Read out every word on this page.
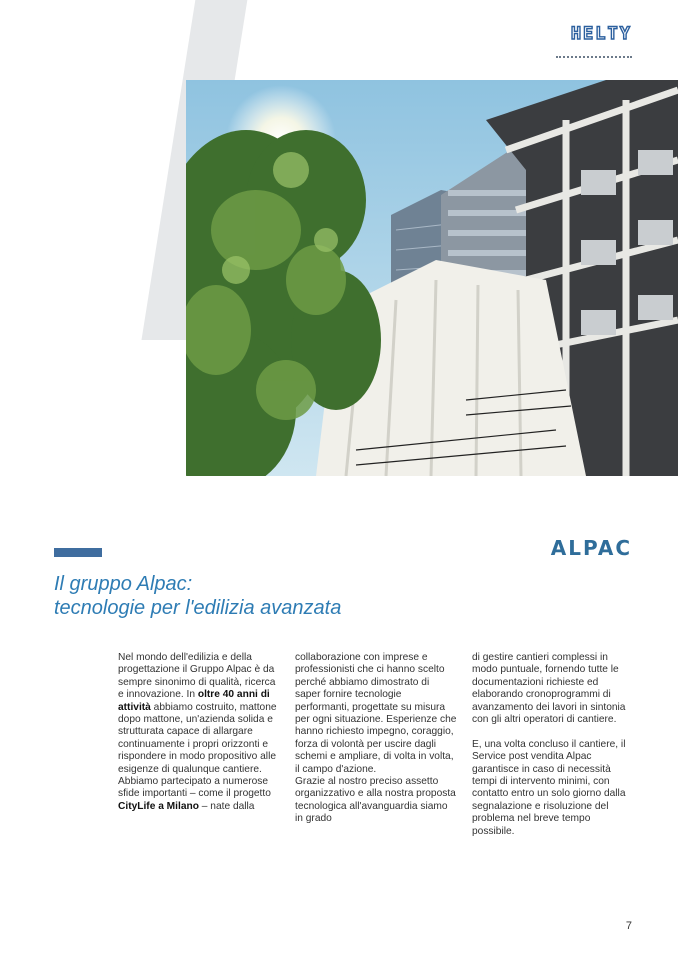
HELTY
ALPAC
Il gruppo Alpac:
tecnologie per l'edilizia avanzata

Nel mondo dell'edilizia e della progettazione il Gruppo Alpac è da sempre sinonimo di qualità, ricerca e innovazione. In oltre 40 anni di attività abbiamo costruito, mattone dopo mattone, un'azienda solida e strutturata capace di allargare continuamente i propri orizzonti e rispondere in modo propositivo alle esigenze di qualunque cantiere. Abbiamo partecipato a numerose sfide importanti – come il progetto CityLife a Milano – nate dalla

collaborazione con imprese e professionisti che ci hanno scelto perché abbiamo dimostrato di saper fornire tecnologie performanti, progettate su misura per ogni situazione. Esperienze che hanno richiesto impegno, coraggio, forza di volontà per uscire dagli schemi e ampliare, di volta in volta, il campo d'azione.

Grazie al nostro preciso assetto organizzativo e alla nostra proposta tecnologica all'avanguardia siamo in grado

di gestire cantieri complessi in modo puntuale, fornendo tutte le documentazioni richieste ed elaborando cronoprogrammi di avanzamento dei lavori in sintonia con gli altri operatori di cantiere.

E, una volta concluso il cantiere, il Service post vendita Alpac garantisce in caso di necessità tempi di intervento minimi, con contatto entro un solo giorno dalla segnalazione e risoluzione del problema nel breve tempo possibile.

7
